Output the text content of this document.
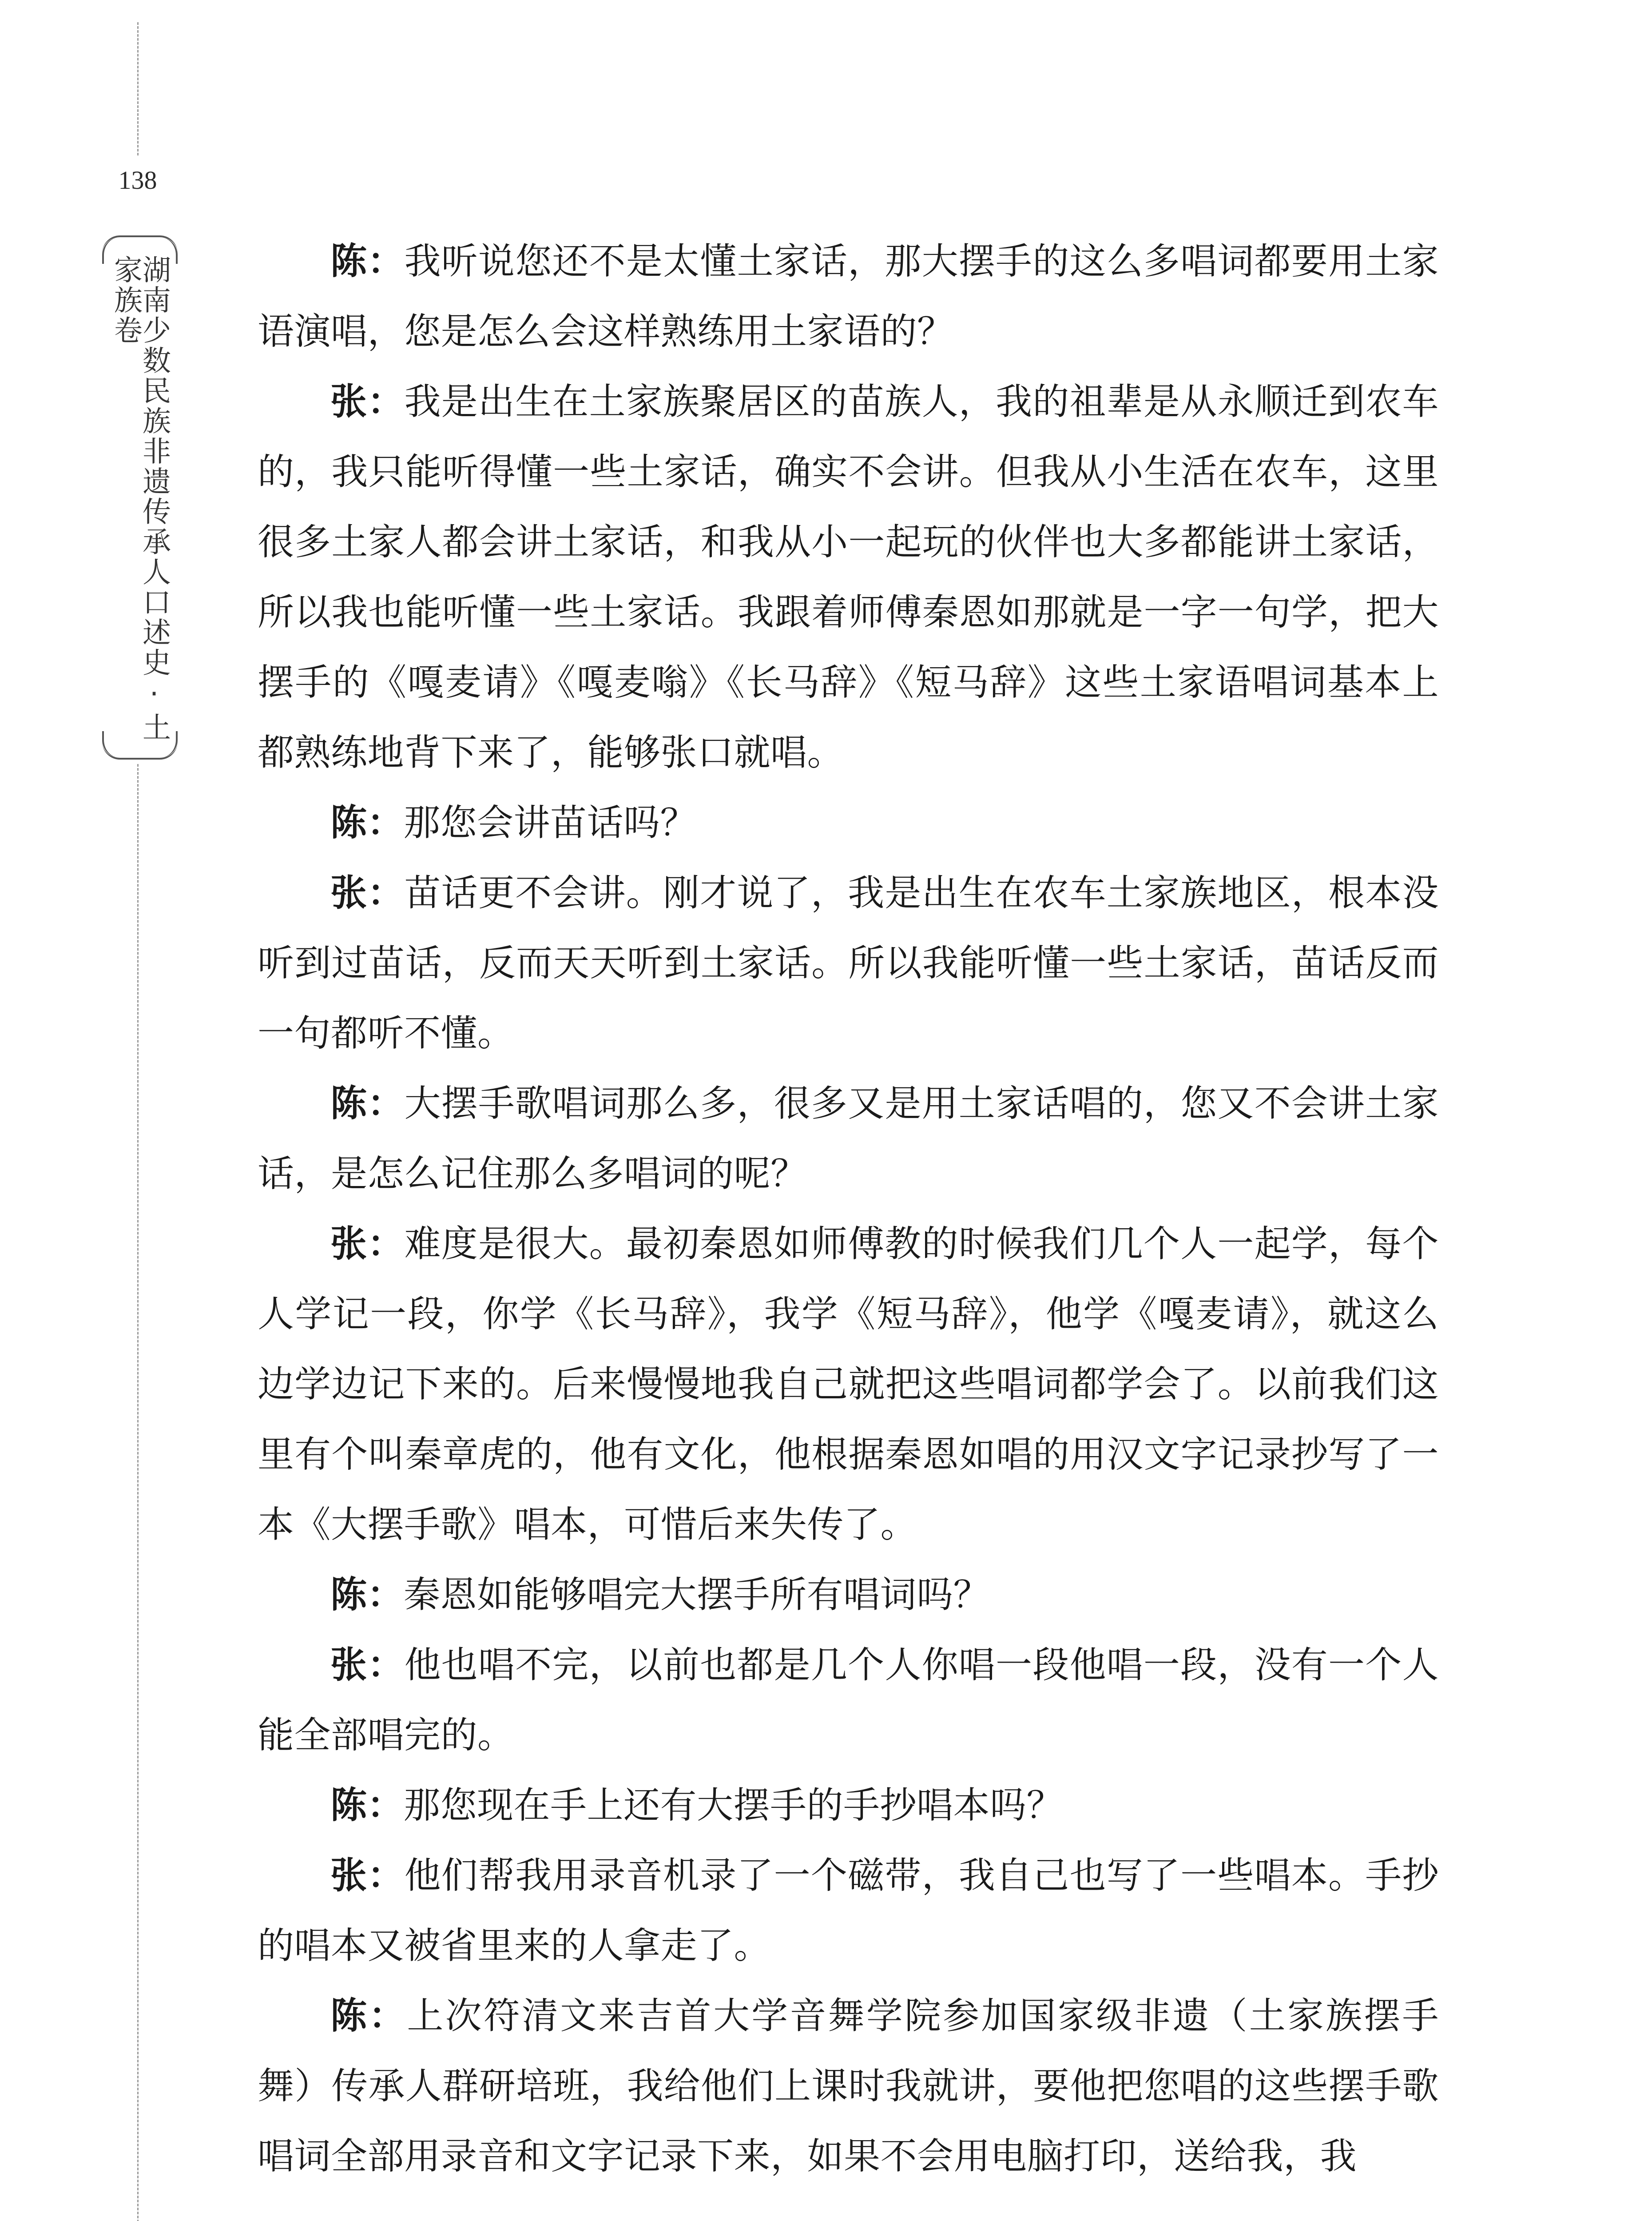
138
湖南少数民族非遗传承人口述史·土家族卷	陈：我听说您还不是太懂土家话，那大摆手的这么多唱词都要用土家语演唱，您是怎么会这样熟练用土家语的？

张：我是出生在土家族聚居区的苗族人，我的祖辈是从永顺迁到农车的，我只能听得懂一些土家话，确实不会讲。但我从小生活在农车，这里很多土家人都会讲土家话，和我从小一起玩的伙伴也大多都能讲土家话，所以我也能听懂一些土家话。我跟着师傅秦恩如那就是一字一句学，把大摆手的《嘎麦请》《嘎麦嗡》《长马辞》《短马辞》这些土家语唱词基本上都熟练地背下来了，能够张口就唱。

陈：那您会讲苗话吗？

张：苗话更不会讲。刚才说了，我是出生在农车土家族地区，根本没听到过苗话，反而天天听到土家话。所以我能听懂一些土家话，苗话反而一句都听不懂。

陈：大摆手歌唱词那么多，很多又是用土家话唱的，您又不会讲土家话，是怎么记住那么多唱词的呢？

张：难度是很大。最初秦恩如师傅教的时候我们几个人一起学，每个人学记一段，你学《长马辞》，我学《短马辞》，他学《嘎麦请》，就这么边学边记下来的。后来慢慢地我自己就把这些唱词都学会了。以前我们这里有个叫秦章虎的，他有文化，他根据秦恩如唱的用汉文字记录抄写了一本《大摆手歌》唱本，可惜后来失传了。

陈：秦恩如能够唱完大摆手所有唱词吗？

张：他也唱不完，以前也都是几个人你唱一段他唱一段，没有一个人能全部唱完的。

陈：那您现在手上还有大摆手的手抄唱本吗？

张：他们帮我用录音机录了一个磁带，我自己也写了一些唱本。手抄的唱本又被省里来的人拿走了。

陈：上次符清文来吉首大学音舞学院参加国家级非遗（土家族摆手舞）传承人群研培班，我给他们上课时我就讲，要他把您唱的这些摆手歌唱词全部用录音和文字记录下来，如果不会用电脑打印，送给我，我
